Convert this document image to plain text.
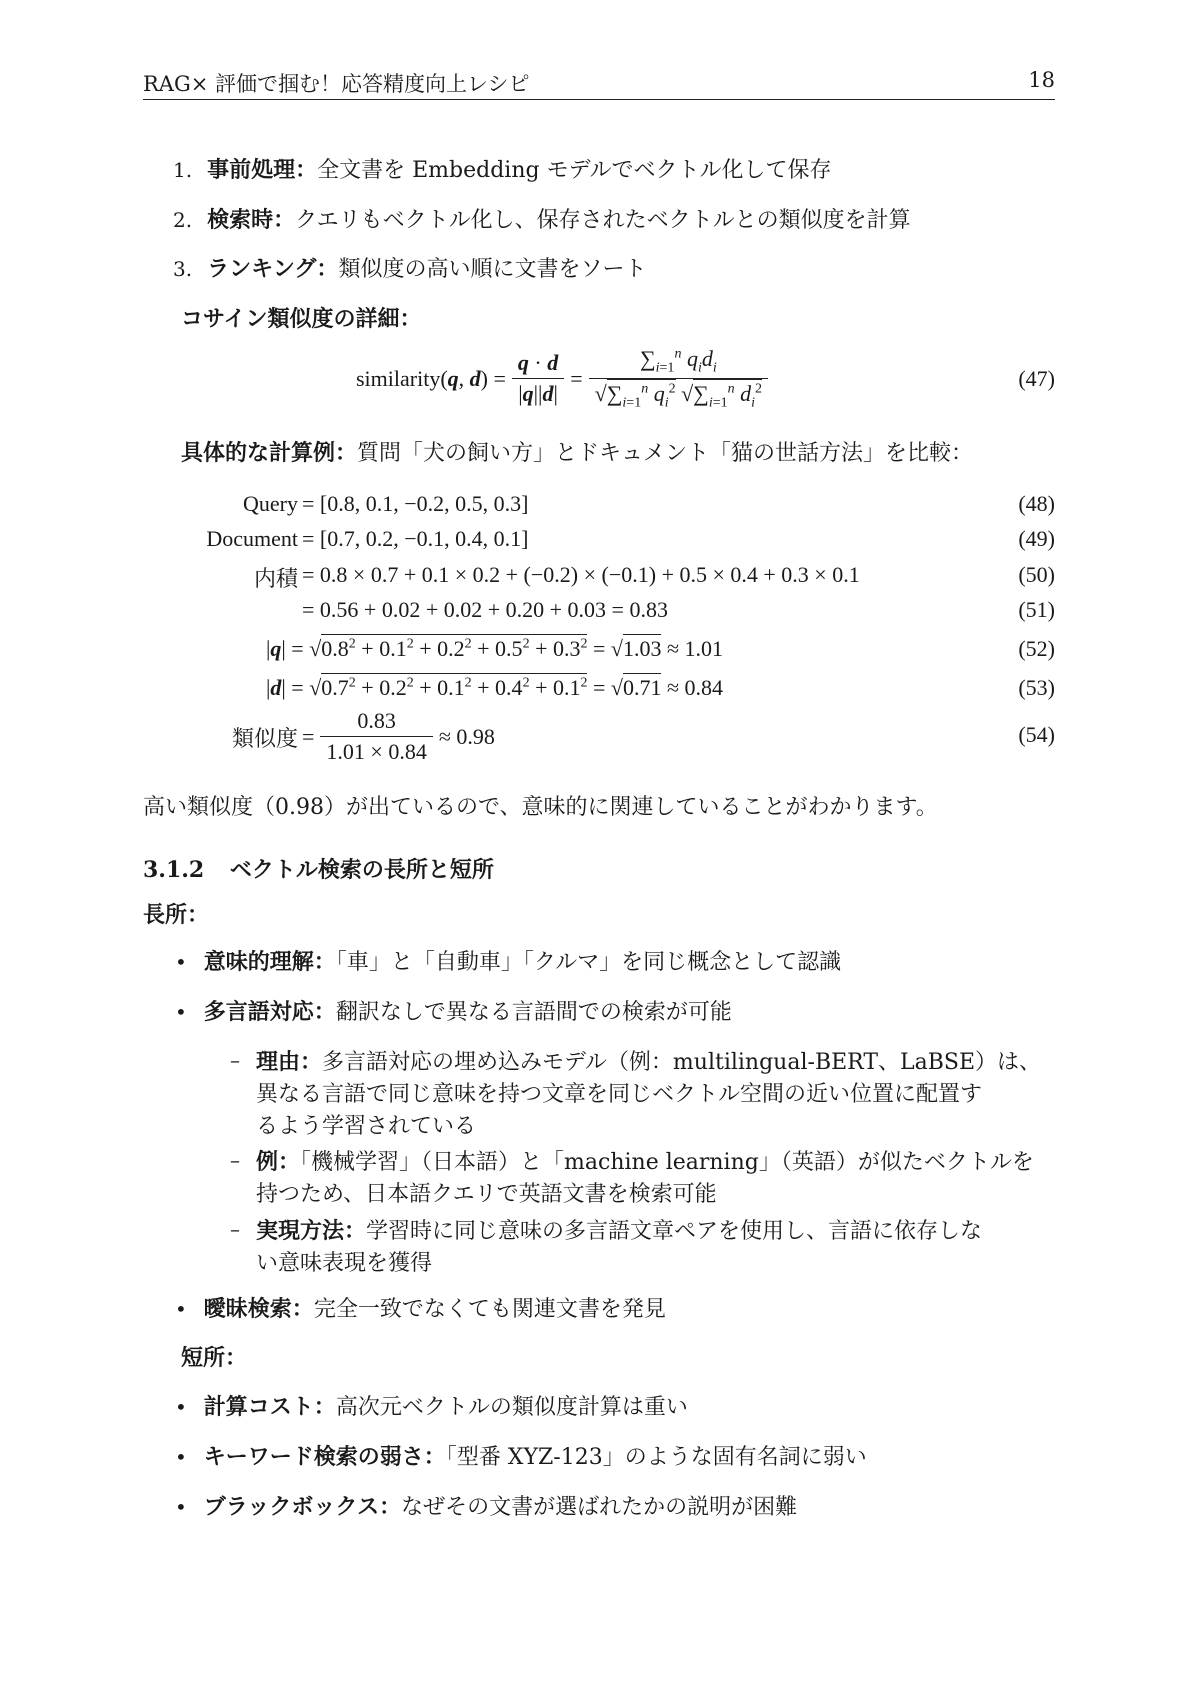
RAG× 評価で掴む！応答精度向上レシピ	18
1. 事前処理：全文書を Embedding モデルでベクトル化して保存
2. 検索時：クエリもベクトル化し、保存されたベクトルとの類似度を計算
3. ランキング：類似度の高い順に文書をソート
コサイン類似度の詳細：
similarity(q, $d) = \frac{q \cdot d}{|q||d|} = \frac{\sum_{i=1}^n q_id_i}{√\sum_{i=1}^n q_i^2 √\sum_{i=1}^n d_i^2}$	(47)
具体的な計算例：質問「犬の飼い方」とドキュメント「猫の世話方法」を比較：
Query = [0.8, 0.1, −0.2, 0.5, 0.3]	(48)
Document = [0.7, 0.2, −0.1, 0.4, 0.1]	(49)
内積 = 0.8 × 0.7 + 0.1 × 0.2 + (−0.2) × (−0.1) + 0.5 × 0.4 + 0.3 × 0.1	(50)
= 0.56 + 0.02 + 0.02 + 0.20 + 0.03 = 0.83	(51)
$|q| = √0.8^2 + 0.1^2 + 0.2^2 + 0.5^2 + 0.3^2 = √1.03 \approx 1.01$	(52)
$|d| = √0.7^2 + 0.2^2 + 0.1^2 + 0.4^2 + 0.1^2 = √0.71 \approx 0.84$	(53)
類似度 = $\frac{0.83}{1.01 \times 0.84} \approx 0.98$	(54)
高い類似度（0.98）が出ているので、意味的に関連していることがわかります。
3.1.2 ベクトル検索の長所と短所
長所：
• 意味的理解：「車」と「自動車」「クルマ」を同じ概念として認識
• 多言語対応：翻訳なしで異なる言語間での検索が可能
– 理由：多言語対応の埋め込みモデル（例：multilingual-BERT、LaBSE）は、
異なる言語で同じ意味を持つ文章を同じベクトル空間の近い位置に配置す
るよう学習されている
– 例：「機械学習」（日本語）と「machine learning」（英語）が似たベクトルを
持つため、日本語クエリで英語文書を検索可能
– 実現方法：学習時に同じ意味の多言語文章ペアを使用し、言語に依存しな
い意味表現を獲得
• 曖昧検索：完全一致でなくても関連文書を発見
短所：
• 計算コスト：高次元ベクトルの類似度計算は重い
• キーワード検索の弱さ：「型番 XYZ-123」のような固有名詞に弱い
• ブラックボックス：なぜその文書が選ばれたかの説明が困難
